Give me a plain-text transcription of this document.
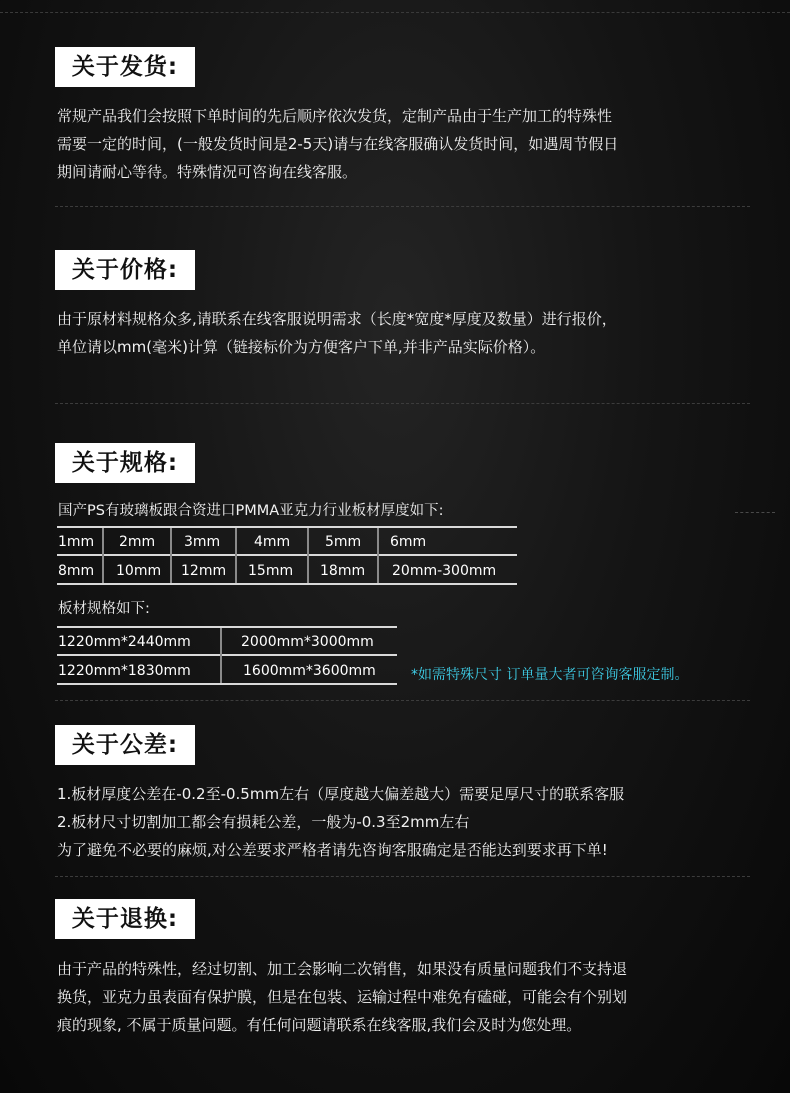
关于发货:
常规产品我们会按照下单时间的先后顺序依次发货，定制产品由于生产加工的特殊性
需要一定的时间，(一般发货时间是2-5天)请与在线客服确认发货时间，如遇周节假日
期间请耐心等待。特殊情况可咨询在线客服。
关于价格:
由于原材料规格众多,请联系在线客服说明需求（长度*宽度*厚度及数量）进行报价，
单位请以mm(毫米)计算（链接标价为方便客户下单,并非产品实际价格）。
关于规格:
国产PS有玻璃板跟合资进口PMMA亚克力行业板材厚度如下:
1mm 2mm 3mm 4mm 5mm 6mm
8mm 10mm 12mm 15mm 18mm 20mm-300mm
板材规格如下:
1220mm*2440mm	2000mm*3000mm
1220mm*1830mm	1600mm*3600mm	*如需特殊尺寸 订单量大者可咨询客服定制。
关于公差:
1.板材厚度公差在-0.2至-0.5mm左右（厚度越大偏差越大）需要足厚尺寸的联系客服
2.板材尺寸切割加工都会有损耗公差，一般为-0.3至2mm左右
为了避免不必要的麻烦,对公差要求严格者请先咨询客服确定是否能达到要求再下单!
关于退换:
由于产品的特殊性，经过切割、加工会影响二次销售，如果没有质量问题我们不支持退
换货，亚克力虽表面有保护膜，但是在包装、运输过程中难免有磕碰，可能会有个别划
痕的现象, 不属于质量问题。有任何问题请联系在线客服,我们会及时为您处理。
